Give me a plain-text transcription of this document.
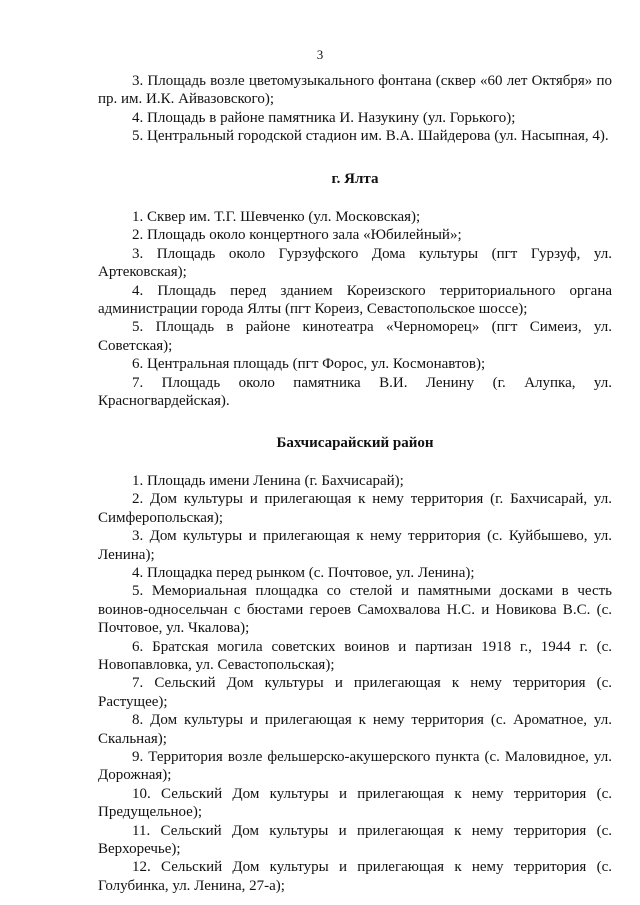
3

3. Площадь возле цветомузыкального фонтана (сквер «60 лет Октября» по пр. им. И.К. Айвазовского);

4. Площадь в районе памятника И. Назукину (ул. Горького);

5. Центральный городской стадион им. В.А. Шайдерова (ул. Насыпная, 4).

г. Ялта

1. Сквер им. Т.Г. Шевченко (ул. Московская);

2. Площадь около концертного зала «Юбилейный»;

3. Площадь около Гурзуфского Дома культуры (пгт Гурзуф, ул. Артековская);

4. Площадь перед зданием Кореизского территориального органа администрации города Ялты (пгт Кореиз, Севастопольское шоссе);

5. Площадь в районе кинотеатра «Черноморец» (пгт Симеиз, ул. Советская);

6. Центральная площадь (пгт Форос, ул. Космонавтов);

7. Площадь около памятника В.И. Ленину (г. Алупка, ул. Красногвардейская).

Бахчисарайский район

1. Площадь имени Ленина (г. Бахчисарай);

2. Дом культуры и прилегающая к нему территория (г. Бахчисарай, ул. Симферопольская);

3. Дом культуры и прилегающая к нему территория (с. Куйбышево, ул. Ленина);

4. Площадка перед рынком (с. Почтовое, ул. Ленина);

5. Мемориальная площадка со стелой и памятными досками в честь воинов-односельчан с бюстами героев Самохвалова Н.С. и Новикова В.С. (с. Почтовое, ул. Чкалова);

6. Братская могила советских воинов и партизан 1918 г., 1944 г. (с. Новопавловка, ул. Севастопольская);

7. Сельский Дом культуры и прилегающая к нему территория (с. Растущее);

8. Дом культуры и прилегающая к нему территория (с. Ароматное, ул. Скальная);

9. Территория возле фельшерско-акушерского пункта (с. Маловидное, ул. Дорожная);

10. Сельский Дом культуры и прилегающая к нему территория (с. Предущельное);

11. Сельский Дом культуры и прилегающая к нему территория (с. Верхоречье);

12. Сельский Дом культуры и прилегающая к нему территория (с. Голубинка, ул. Ленина, 27-а);
